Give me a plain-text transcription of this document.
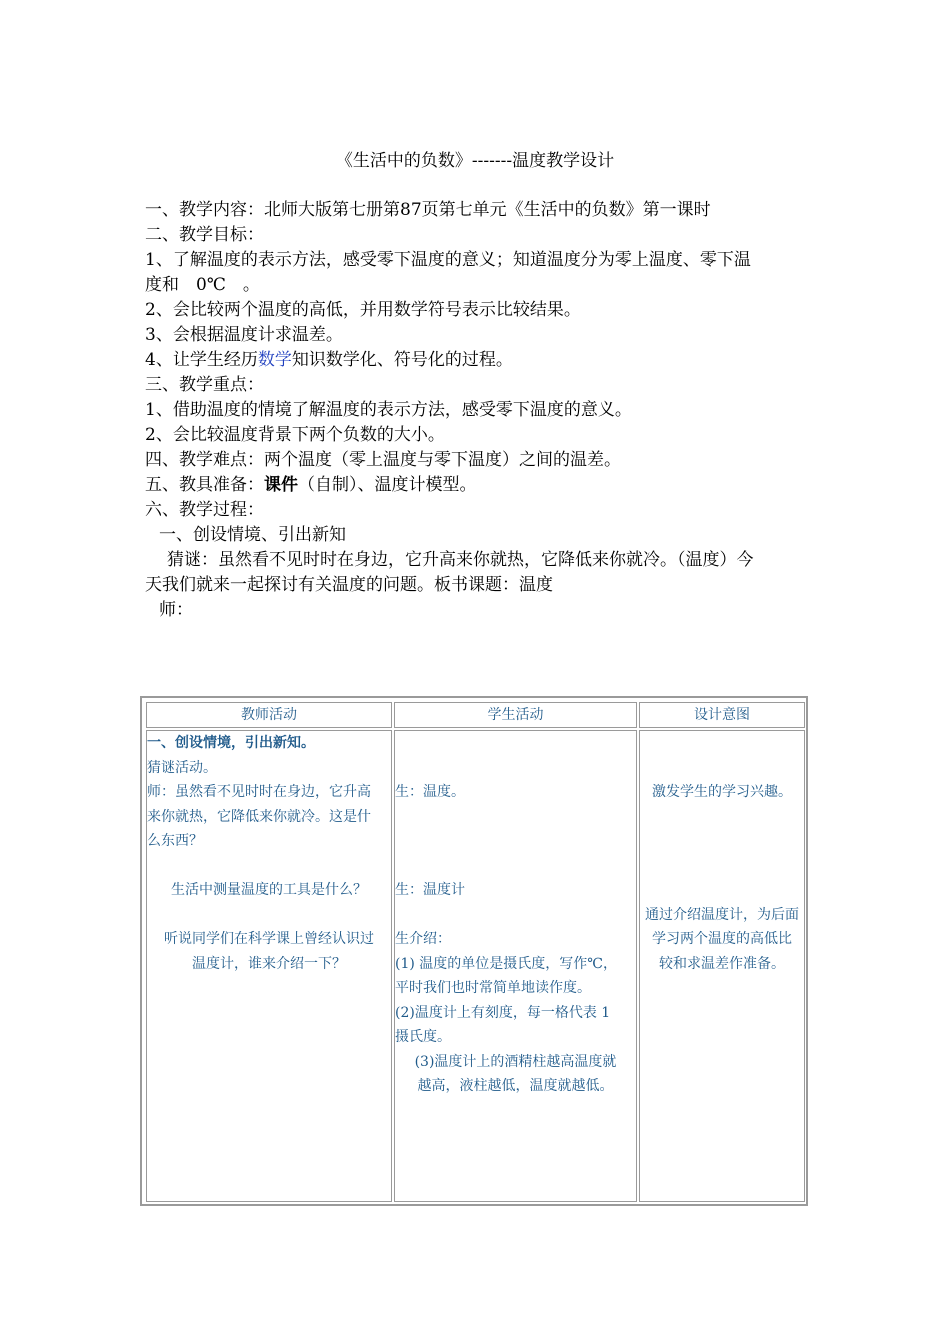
《生活中的负数》-------温度教学设计

一、教学内容：北师大版第七册第87页第七单元《生活中的负数》第一课时

二、教学目标：

1、了解温度的表示方法，感受零下温度的意义；知道温度分为零上温度、零下温

度和　0℃　。

2、会比较两个温度的高低，并用数学符号表示比较结果。

3、会根据温度计求温差。

4、让学生经历数学知识数学化、符号化的过程。

三、教学重点：

1、借助温度的情境了解温度的表示方法，感受零下温度的意义。

2、会比较温度背景下两个负数的大小。

四、教学难点：两个温度（零上温度与零下温度）之间的温差。

五、教具准备：课件（自制）、温度计模型。

六、教学过程：

一、创设情境、引出新知

猜谜：虽然看不见时时在身边，它升高来你就热，它降低来你就冷。（温度）今

天我们就来一起探讨有关温度的问题。板书课题：温度

师：

教师活动	学生活动	设计意图

一、创设情境，引出新知。

猜谜活动。

师：虽然看不见时时在身边，它升高

来你就热，它降低来你就冷。这是什

么东西？

生活中测量温度的工具是什么？

听说同学们在科学课上曾经认识过

温度计，谁来介绍一下？

生：温度。

生：温度计

生介绍：

(1) 温度的单位是摄氏度，写作℃，

平时我们也时常简单地读作度。

(2)温度计上有刻度，每一格代表 1

摄氏度。

(3)温度计上的酒精柱越高温度就

越高，液柱越低，温度就越低。

激发学生的学习兴趣。

通过介绍温度计，为后面

学习两个温度的高低比

较和求温差作准备。
